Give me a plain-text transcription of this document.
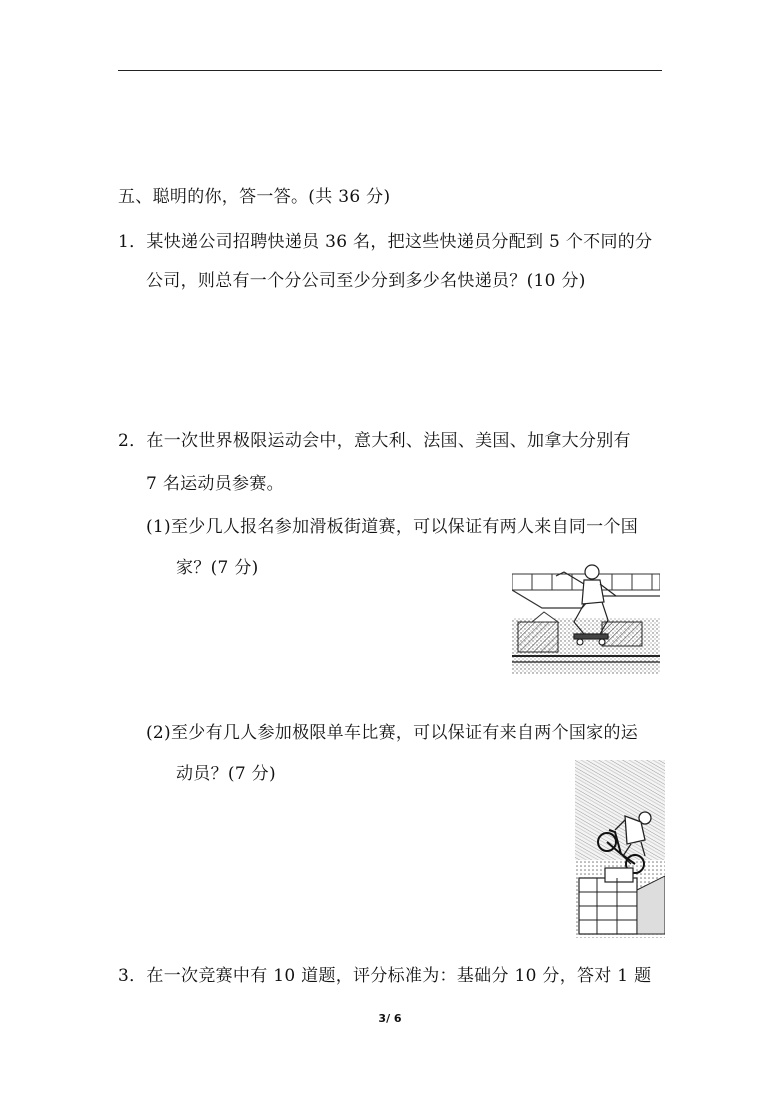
五、聪明的你，答一答。(共 36 分)
1．某快递公司招聘快递员 36 名，把这些快递员分配到 5 个不同的分
公司，则总有一个分公司至少分到多少名快递员？(10 分)
2．在一次世界极限运动会中，意大利、法国、美国、加拿大分别有
7 名运动员参赛。
(1)至少几人报名参加滑板街道赛，可以保证有两人来自同一个国
家？(7 分)
(2)至少有几人参加极限单车比赛，可以保证有来自两个国家的运
动员？(7 分)
3．在一次竞赛中有 10 道题，评分标准为：基础分 10 分，答对 1 题
3/ 6
